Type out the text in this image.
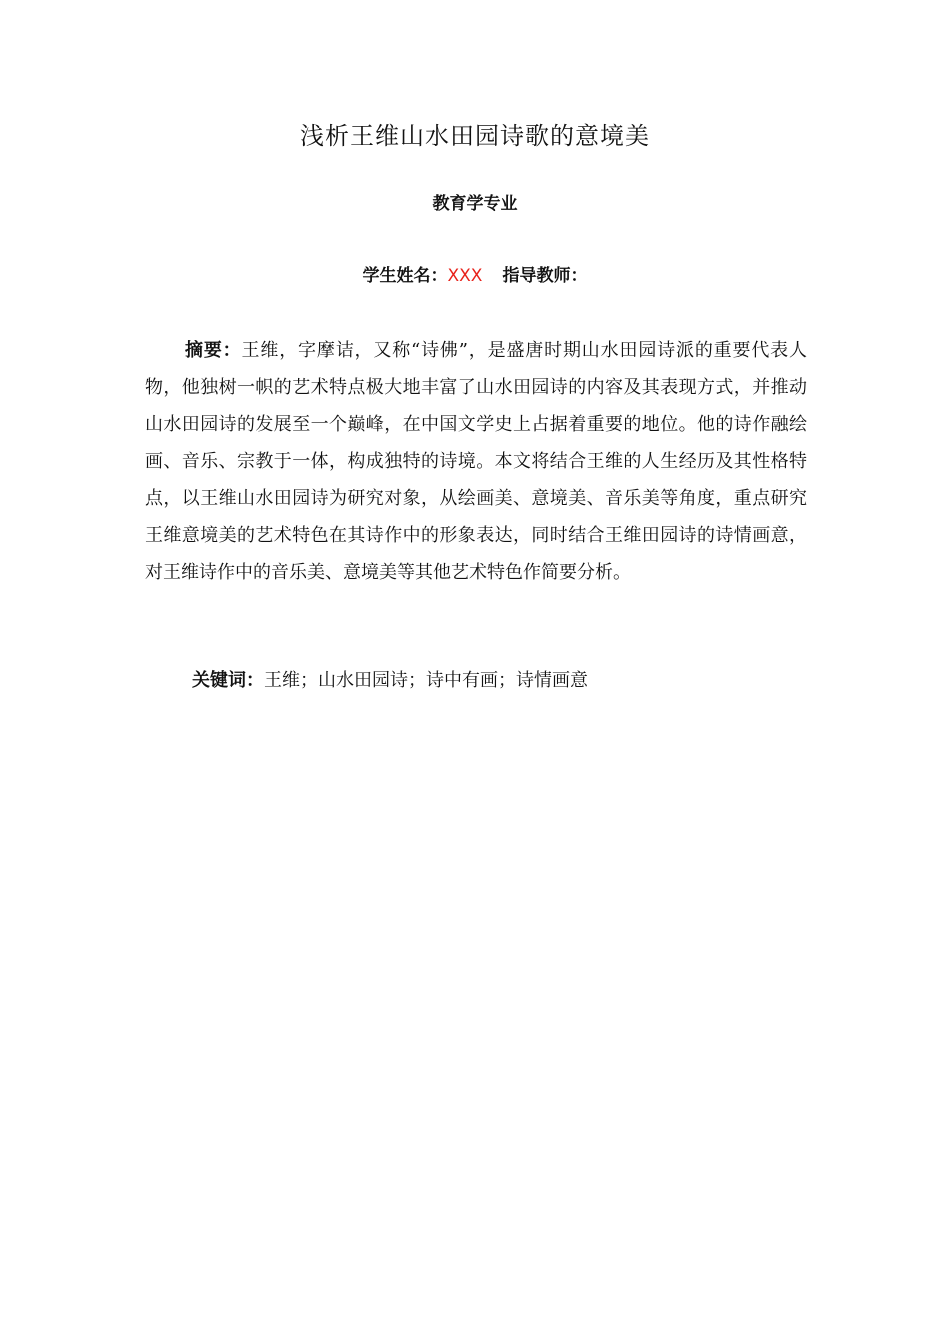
浅析王维山水田园诗歌的意境美
教育学专业
学生姓名：XXX 指导教师：
摘要：王维，字摩诘，又称“诗佛”，是盛唐时期山水田园诗派的重要代表人物，他独树一帜的艺术特点极大地丰富了山水田园诗的内容及其表现方式，并推动山水田园诗的发展至一个巅峰，在中国文学史上占据着重要的地位。他的诗作融绘画、音乐、宗教于一体，构成独特的诗境。本文将结合王维的人生经历及其性格特点，以王维山水田园诗为研究对象，从绘画美、意境美、音乐美等角度，重点研究王维意境美的艺术特色在其诗作中的形象表达，同时结合王维田园诗的诗情画意，对王维诗作中的音乐美、意境美等其他艺术特色作简要分析。
关键词：王维；山水田园诗；诗中有画；诗情画意
